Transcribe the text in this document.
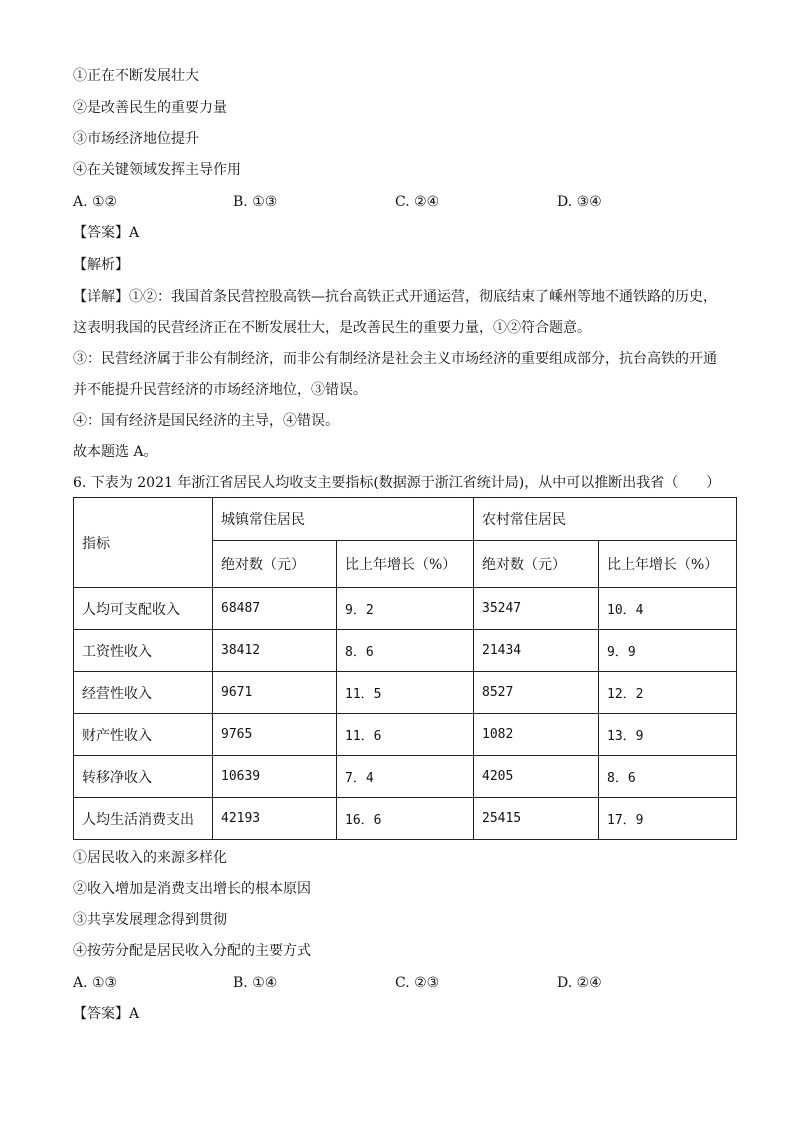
①正在不断发展壮大
②是改善民生的重要力量
③市场经济地位提升
④在关键领域发挥主导作用
A. ①②	B. ①③	C. ②④	D. ③④
【答案】A
【解析】
【详解】①②：我国首条民营控股高铁—抗台高铁正式开通运营，彻底结束了嵊州等地不通铁路的历史，
这表明我国的民营经济正在不断发展壮大，是改善民生的重要力量，①②符合题意。
③：民营经济属于非公有制经济，而非公有制经济是社会主义市场经济的重要组成部分，抗台高铁的开通
并不能提升民营经济的市场经济地位，③错误。
④：国有经济是国民经济的主导，④错误。
故本题选 A。
6. 下表为 2021 年浙江省居民人均收支主要指标(数据源于浙江省统计局)，从中可以推断出我省（　　）
指标	城镇常住居民		农村常住居民	
	绝对数（元）	比上年增长（%）	绝对数（元）	比上年增长（%）
人均可支配收入	68487	9．2	35247	10．4
工资性收入	38412	8．6	21434	9．9
经营性收入	9671	11．5	8527	12．2
财产性收入	9765	11．6	1082	13．9
转移净收入	10639	7．4	4205	8．6
人均生活消费支出	42193	16．6	25415	17．9
①居民收入的来源多样化
②收入增加是消费支出增长的根本原因
③共享发展理念得到贯彻
④按劳分配是居民收入分配的主要方式
A. ①③	B. ①④	C. ②③	D. ②④
【答案】A
